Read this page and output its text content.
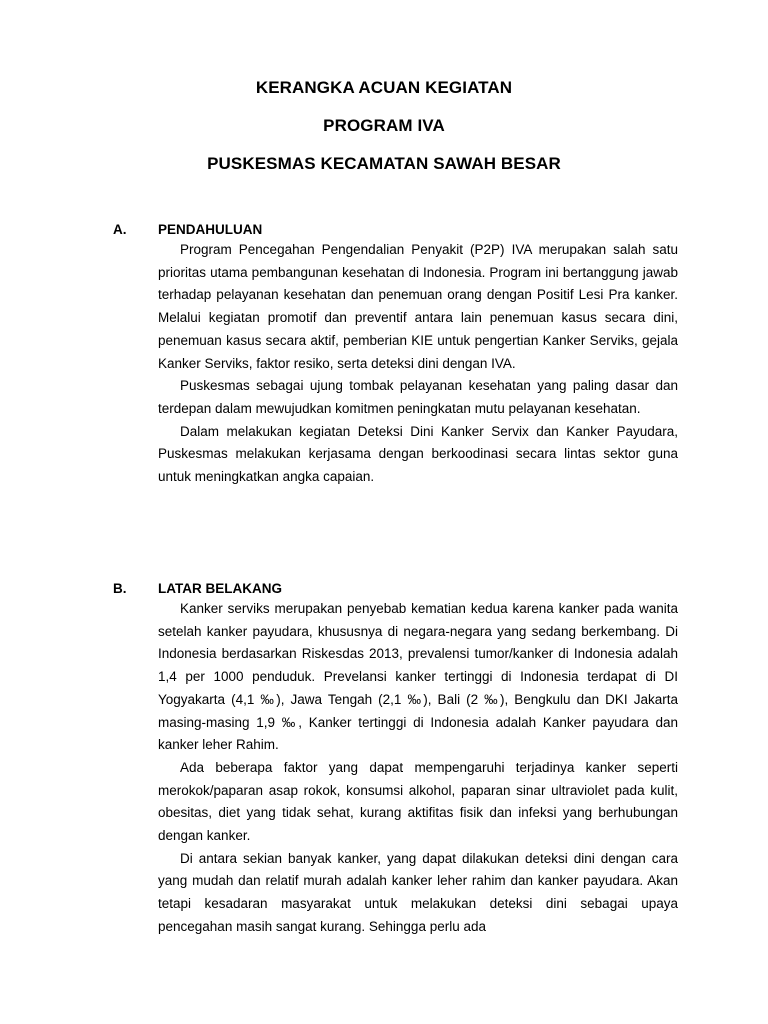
KERANGKA ACUAN KEGIATAN
PROGRAM IVA
PUSKESMAS KECAMATAN SAWAH BESAR
A.	PENDAHULUAN

Program Pencegahan Pengendalian Penyakit (P2P) IVA merupakan salah satu prioritas utama pembangunan kesehatan di Indonesia. Program ini bertanggung jawab terhadap pelayanan kesehatan dan penemuan orang dengan Positif Lesi Pra kanker. Melalui kegiatan promotif dan preventif antara lain penemuan kasus secara dini, penemuan kasus secara aktif, pemberian KIE untuk pengertian Kanker Serviks, gejala Kanker Serviks, faktor resiko, serta deteksi dini dengan IVA.

Puskesmas sebagai ujung tombak pelayanan kesehatan yang paling dasar dan terdepan dalam mewujudkan komitmen peningkatan mutu pelayanan kesehatan.

Dalam melakukan kegiatan Deteksi Dini Kanker Servix dan Kanker Payudara, Puskesmas melakukan kerjasama dengan berkoodinasi secara lintas sektor guna untuk meningkatkan angka capaian.

B.	LATAR BELAKANG

Kanker serviks merupakan penyebab kematian kedua karena kanker pada wanita setelah kanker payudara, khususnya di negara-negara yang sedang berkembang. Di Indonesia berdasarkan Riskesdas 2013, prevalensi tumor/kanker di Indonesia adalah 1,4 per 1000 penduduk. Prevelansi kanker tertinggi di Indonesia terdapat di DI Yogyakarta (4,1 ‰), Jawa Tengah (2,1 ‰), Bali (2 ‰), Bengkulu dan DKI Jakarta masing-masing 1,9 ‰, Kanker tertinggi di Indonesia adalah Kanker payudara dan kanker leher Rahim.

Ada beberapa faktor yang dapat mempengaruhi terjadinya kanker seperti merokok/paparan asap rokok, konsumsi alkohol, paparan sinar ultraviolet pada kulit, obesitas, diet yang tidak sehat, kurang aktifitas fisik dan infeksi yang berhubungan dengan kanker.

Di antara sekian banyak kanker, yang dapat dilakukan deteksi dini dengan cara yang mudah dan relatif murah adalah kanker leher rahim dan kanker payudara. Akan tetapi kesadaran masyarakat untuk melakukan deteksi dini sebagai upaya pencegahan masih sangat kurang. Sehingga perlu ada
